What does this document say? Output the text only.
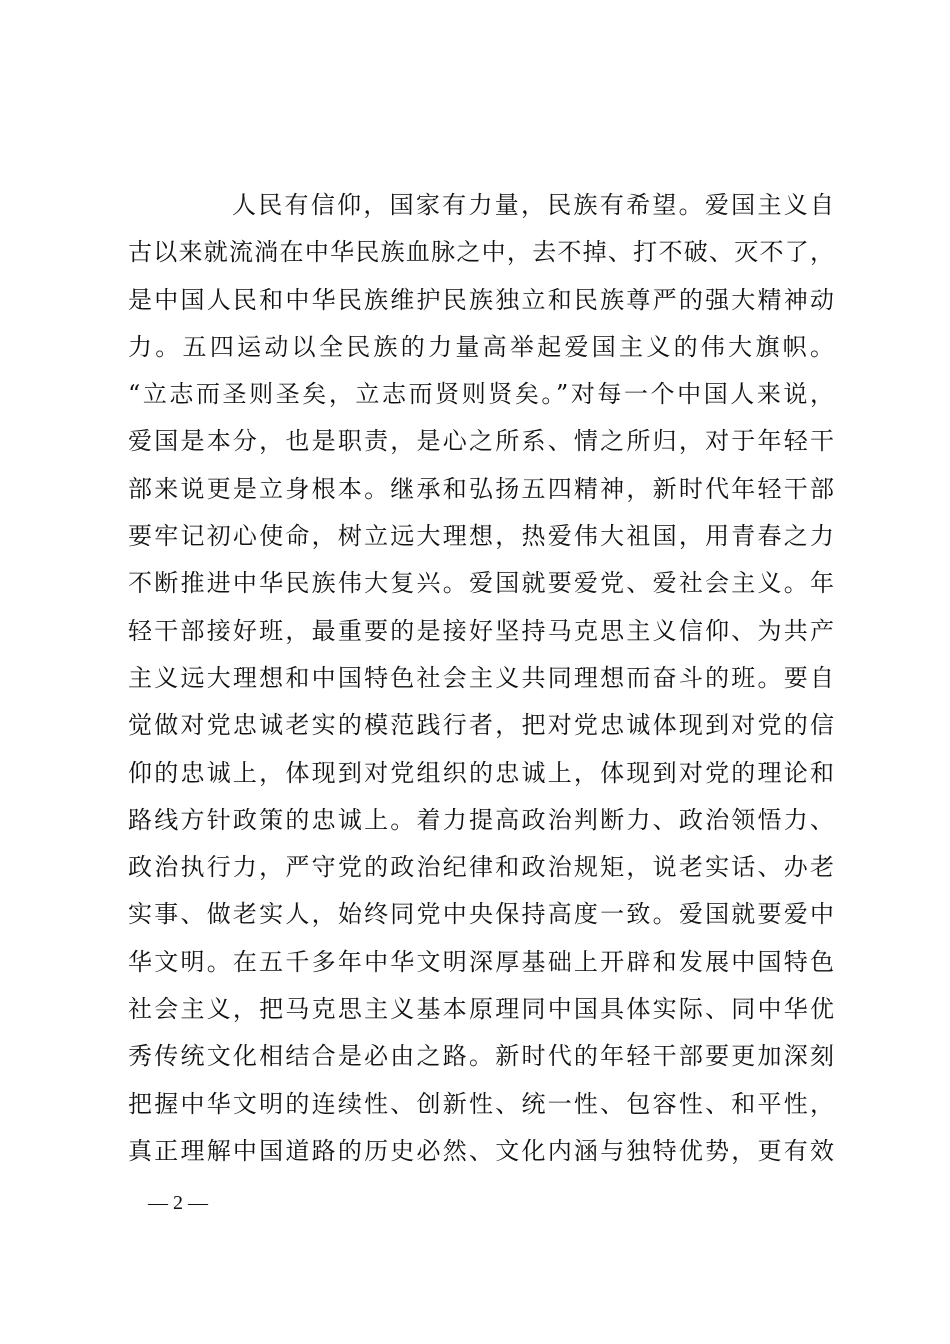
人民有信仰，国家有力量，民族有希望。爱国主义自
古以来就流淌在中华民族血脉之中，去不掉、打不破、灭不了，
是中国人民和中华民族维护民族独立和民族尊严的强大精神动
力。五四运动以全民族的力量高举起爱国主义的伟大旗帜。
“立志而圣则圣矣，立志而贤则贤矣。”对每一个中国人来说，
爱国是本分，也是职责，是心之所系、情之所归，对于年轻干
部来说更是立身根本。继承和弘扬五四精神，新时代年轻干部
要牢记初心使命，树立远大理想，热爱伟大祖国，用青春之力
不断推进中华民族伟大复兴。爱国就要爱党、爱社会主义。年
轻干部接好班，最重要的是接好坚持马克思主义信仰、为共产
主义远大理想和中国特色社会主义共同理想而奋斗的班。要自
觉做对党忠诚老实的模范践行者，把对党忠诚体现到对党的信
仰的忠诚上，体现到对党组织的忠诚上，体现到对党的理论和
路线方针政策的忠诚上。着力提高政治判断力、政治领悟力、
政治执行力，严守党的政治纪律和政治规矩，说老实话、办老
实事、做老实人，始终同党中央保持高度一致。爱国就要爱中
华文明。在五千多年中华文明深厚基础上开辟和发展中国特色
社会主义，把马克思主义基本原理同中国具体实际、同中华优
秀传统文化相结合是必由之路。新时代的年轻干部要更加深刻
把握中华文明的连续性、创新性、统一性、包容性、和平性，
真正理解中国道路的历史必然、文化内涵与独特优势，更有效
— 2 —
